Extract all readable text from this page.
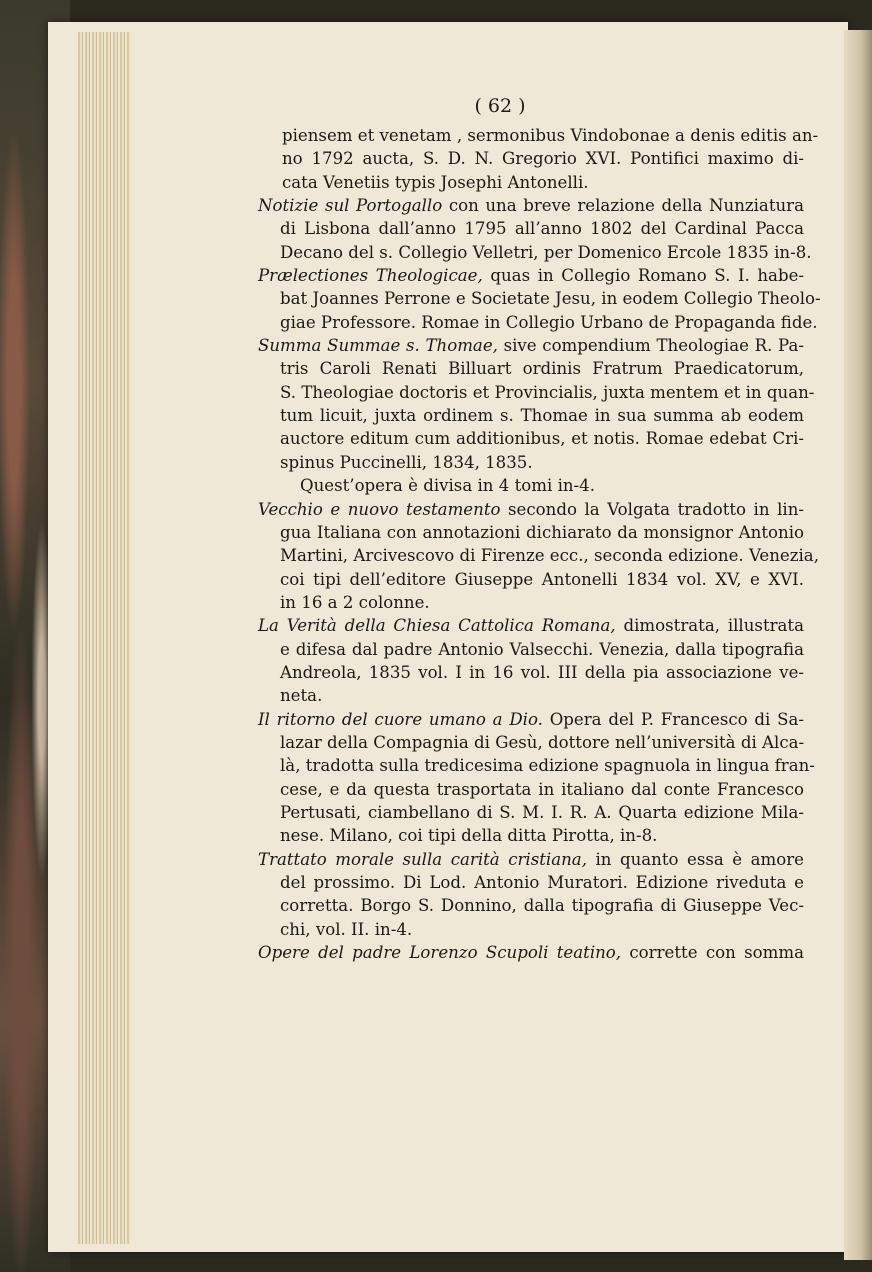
( 62 )
piensem et venetam , sermonibus Vindobonae a denis editis an-
no 1792 aucta, S. D. N. Gregorio XVI. Pontifici maximo di-
cata Venetiis typis Josephi Antonelli.
Notizie sul Portogallo con una breve relazione della Nunziatura
di Lisbona dall’anno 1795 all’anno 1802 del Cardinal Pacca
Decano del s. Collegio Velletri, per Domenico Ercole 1835 in-8.
Prælectiones Theologicae, quas in Collegio Romano S. I. habe-
bat Joannes Perrone e Societate Jesu, in eodem Collegio Theolo-
giae Professore. Romae in Collegio Urbano de Propaganda fide.
Summa Summae s. Thomae, sive compendium Theologiae R. Pa-
tris Caroli Renati Billuart ordinis Fratrum Praedicatorum,
S. Theologiae doctoris et Provincialis, juxta mentem et in quan-
tum licuit, juxta ordinem s. Thomae in sua summa ab eodem
auctore editum cum additionibus, et notis. Romae edebat Cri-
spinus Puccinelli, 1834, 1835.
Quest’opera è divisa in 4 tomi in-4.
Vecchio e nuovo testamento secondo la Volgata tradotto in lin-
gua Italiana con annotazioni dichiarato da monsignor Antonio
Martini, Arcivescovo di Firenze ecc., seconda edizione. Venezia,
coi tipi dell’editore Giuseppe Antonelli 1834 vol. XV, e XVI.
in 16 a 2 colonne.
La Verità della Chiesa Cattolica Romana, dimostrata, illustrata
e difesa dal padre Antonio Valsecchi. Venezia, dalla tipografia
Andreola, 1835 vol. I in 16 vol. III della pia associazione ve-
neta.
Il ritorno del cuore umano a Dio. Opera del P. Francesco di Sa-
lazar della Compagnia di Gesù, dottore nell’università di Alca-
là, tradotta sulla tredicesima edizione spagnuola in lingua fran-
cese, e da questa trasportata in italiano dal conte Francesco
Pertusati, ciambellano di S. M. I. R. A. Quarta edizione Mila-
nese. Milano, coi tipi della ditta Pirotta, in-8.
Trattato morale sulla carità cristiana, in quanto essa è amore
del prossimo. Di Lod. Antonio Muratori. Edizione riveduta e
corretta. Borgo S. Donnino, dalla tipografia di Giuseppe Vec-
chi, vol. II. in-4.
Opere del padre Lorenzo Scupoli teatino, corrette con somma
